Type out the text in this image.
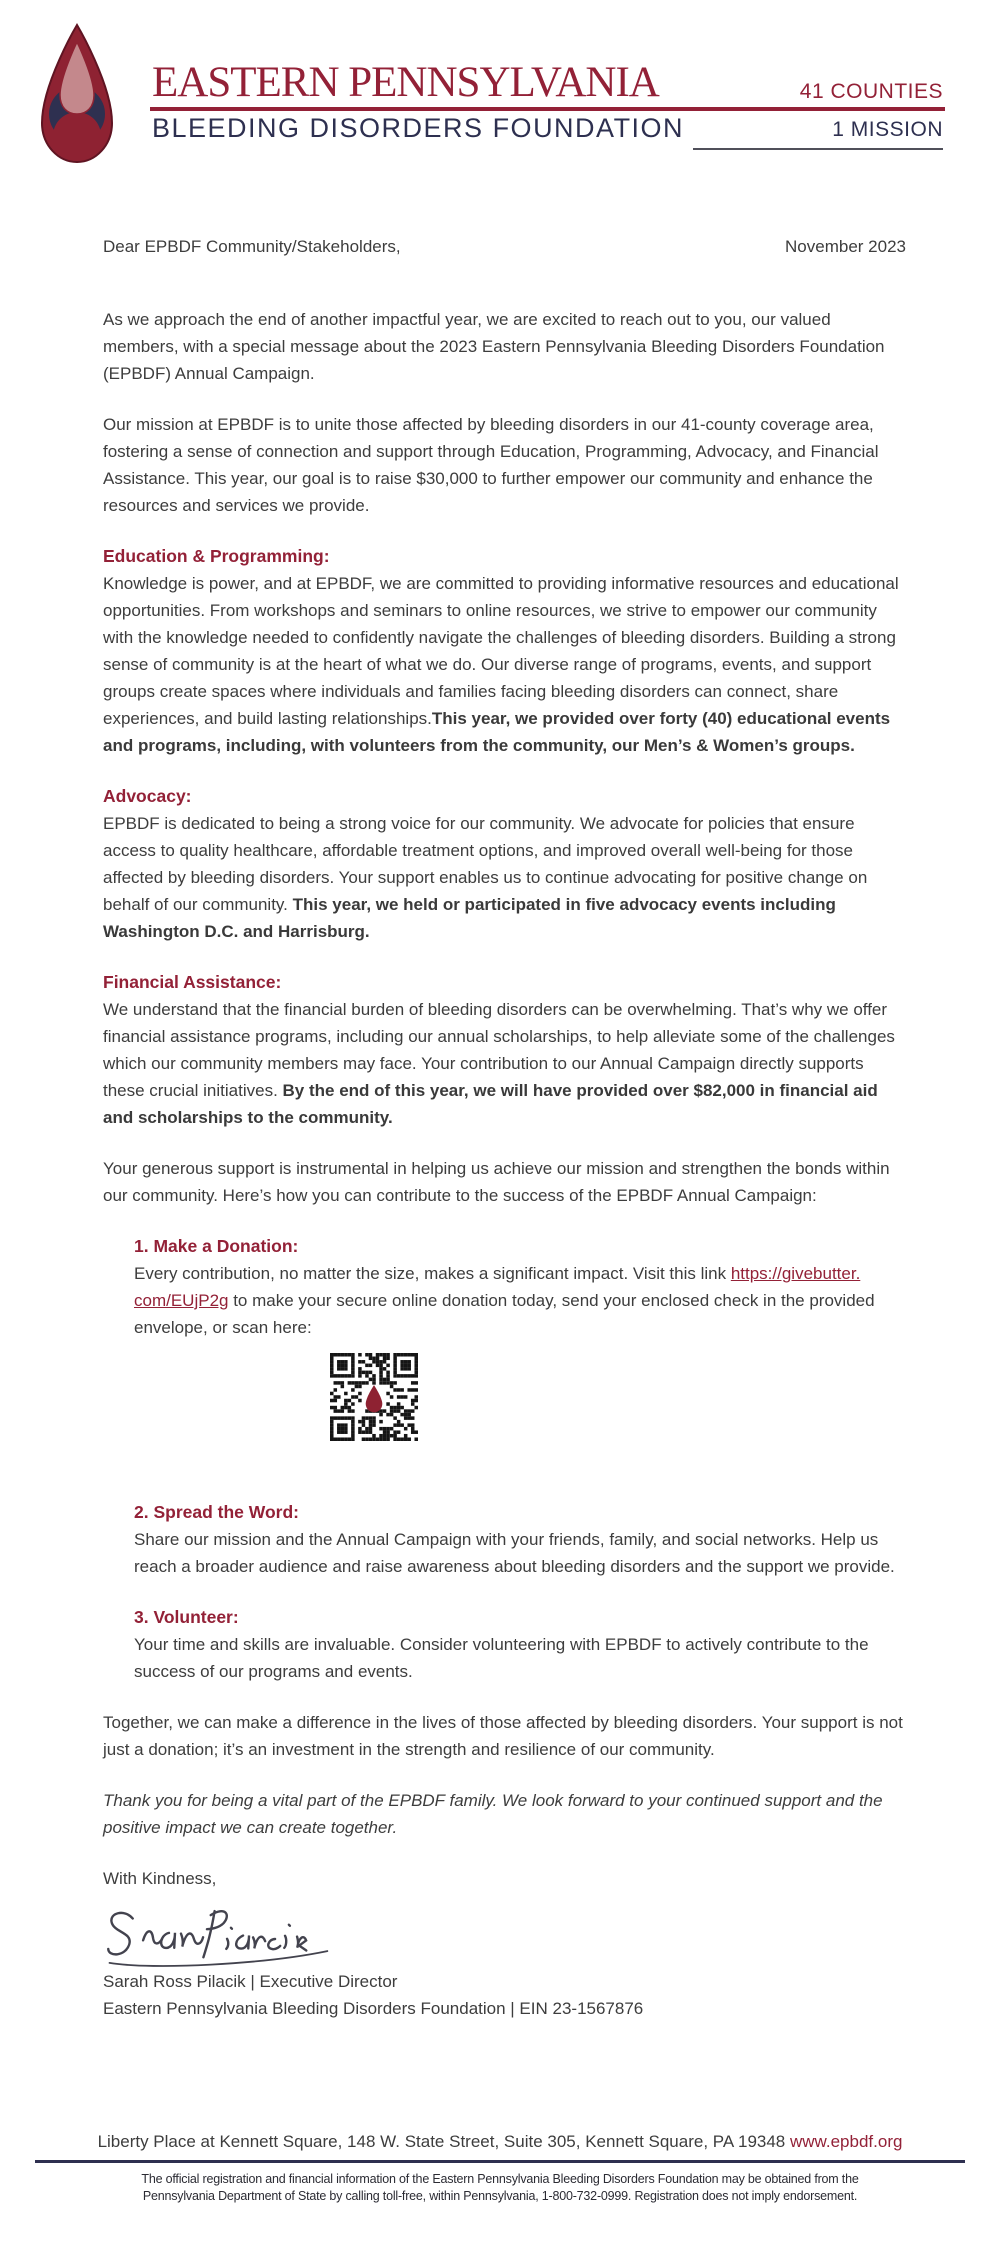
EASTERN PENNSYLVANIA	41 COUNTIES
BLEEDING DISORDERS FOUNDATION	1 MISSION
Dear EPBDF Community/Stakeholders,	November 2023

As we approach the end of another impactful year, we are excited to reach out to you, our valued members, with a special message about the 2023 Eastern Pennsylvania Bleeding Disorders Foundation (EPBDF) Annual Campaign.

Our mission at EPBDF is to unite those affected by bleeding disorders in our 41-county coverage area, fostering a sense of connection and support through Education, Programming, Advocacy, and Financial Assistance. This year, our goal is to raise $30,000 to further empower our community and enhance the resources and services we provide.

Education & Programming:

Knowledge is power, and at EPBDF, we are committed to providing informative resources and educational opportunities. From workshops and seminars to online resources, we strive to empower our community with the knowledge needed to confidently navigate the challenges of bleeding disorders. Building a strong sense of community is at the heart of what we do. Our diverse range of programs, events, and support groups create spaces where individuals and families facing bleeding disorders can connect, share experiences, and build lasting relationships.This year, we provided over forty (40) educational events and programs, including, with volunteers from the community, our Men’s & Women’s groups.

Advocacy:

EPBDF is dedicated to being a strong voice for our community. We advocate for policies that ensure access to quality healthcare, affordable treatment options, and improved overall well-being for those affected by bleeding disorders. Your support enables us to continue advocating for positive change on behalf of our community. This year, we held or participated in five advocacy events including Washington D.C. and Harrisburg.

Financial Assistance:

We understand that the financial burden of bleeding disorders can be overwhelming. That’s why we offer financial assistance programs, including our annual scholarships, to help alleviate some of the challenges which our community members may face. Your contribution to our Annual Campaign directly supports these crucial initiatives. By the end of this year, we will have provided over $82,000 in financial aid and scholarships to the community.

Your generous support is instrumental in helping us achieve our mission and strengthen the bonds within our community. Here’s how you can contribute to the success of the EPBDF Annual Campaign:

1. Make a Donation:

Every contribution, no matter the size, makes a significant impact. Visit this link https://givebutter.com/EUjP2g to make your secure online donation today, send your enclosed check in the provided envelope, or scan here:

2. Spread the Word:

Share our mission and the Annual Campaign with your friends, family, and social networks. Help us reach a broader audience and raise awareness about bleeding disorders and the support we provide.

3. Volunteer:

Your time and skills are invaluable. Consider volunteering with EPBDF to actively contribute to the success of our programs and events.

Together, we can make a difference in the lives of those affected by bleeding disorders. Your support is not just a donation; it’s an investment in the strength and resilience of our community.

Thank you for being a vital part of the EPBDF family. We look forward to your continued support and the positive impact we can create together.

With Kindness,

Sarah Ross Pilacik | Executive Director
Eastern Pennsylvania Bleeding Disorders Foundation | EIN 23-1567876
Liberty Place at Kennett Square, 148 W. State Street, Suite 305, Kennett Square, PA 19348 www.epbdf.org
The official registration and financial information of the Eastern Pennsylvania Bleeding Disorders Foundation may be obtained from the
Pennsylvania Department of State by calling toll-free, within Pennsylvania, 1-800-732-0999. Registration does not imply endorsement.
